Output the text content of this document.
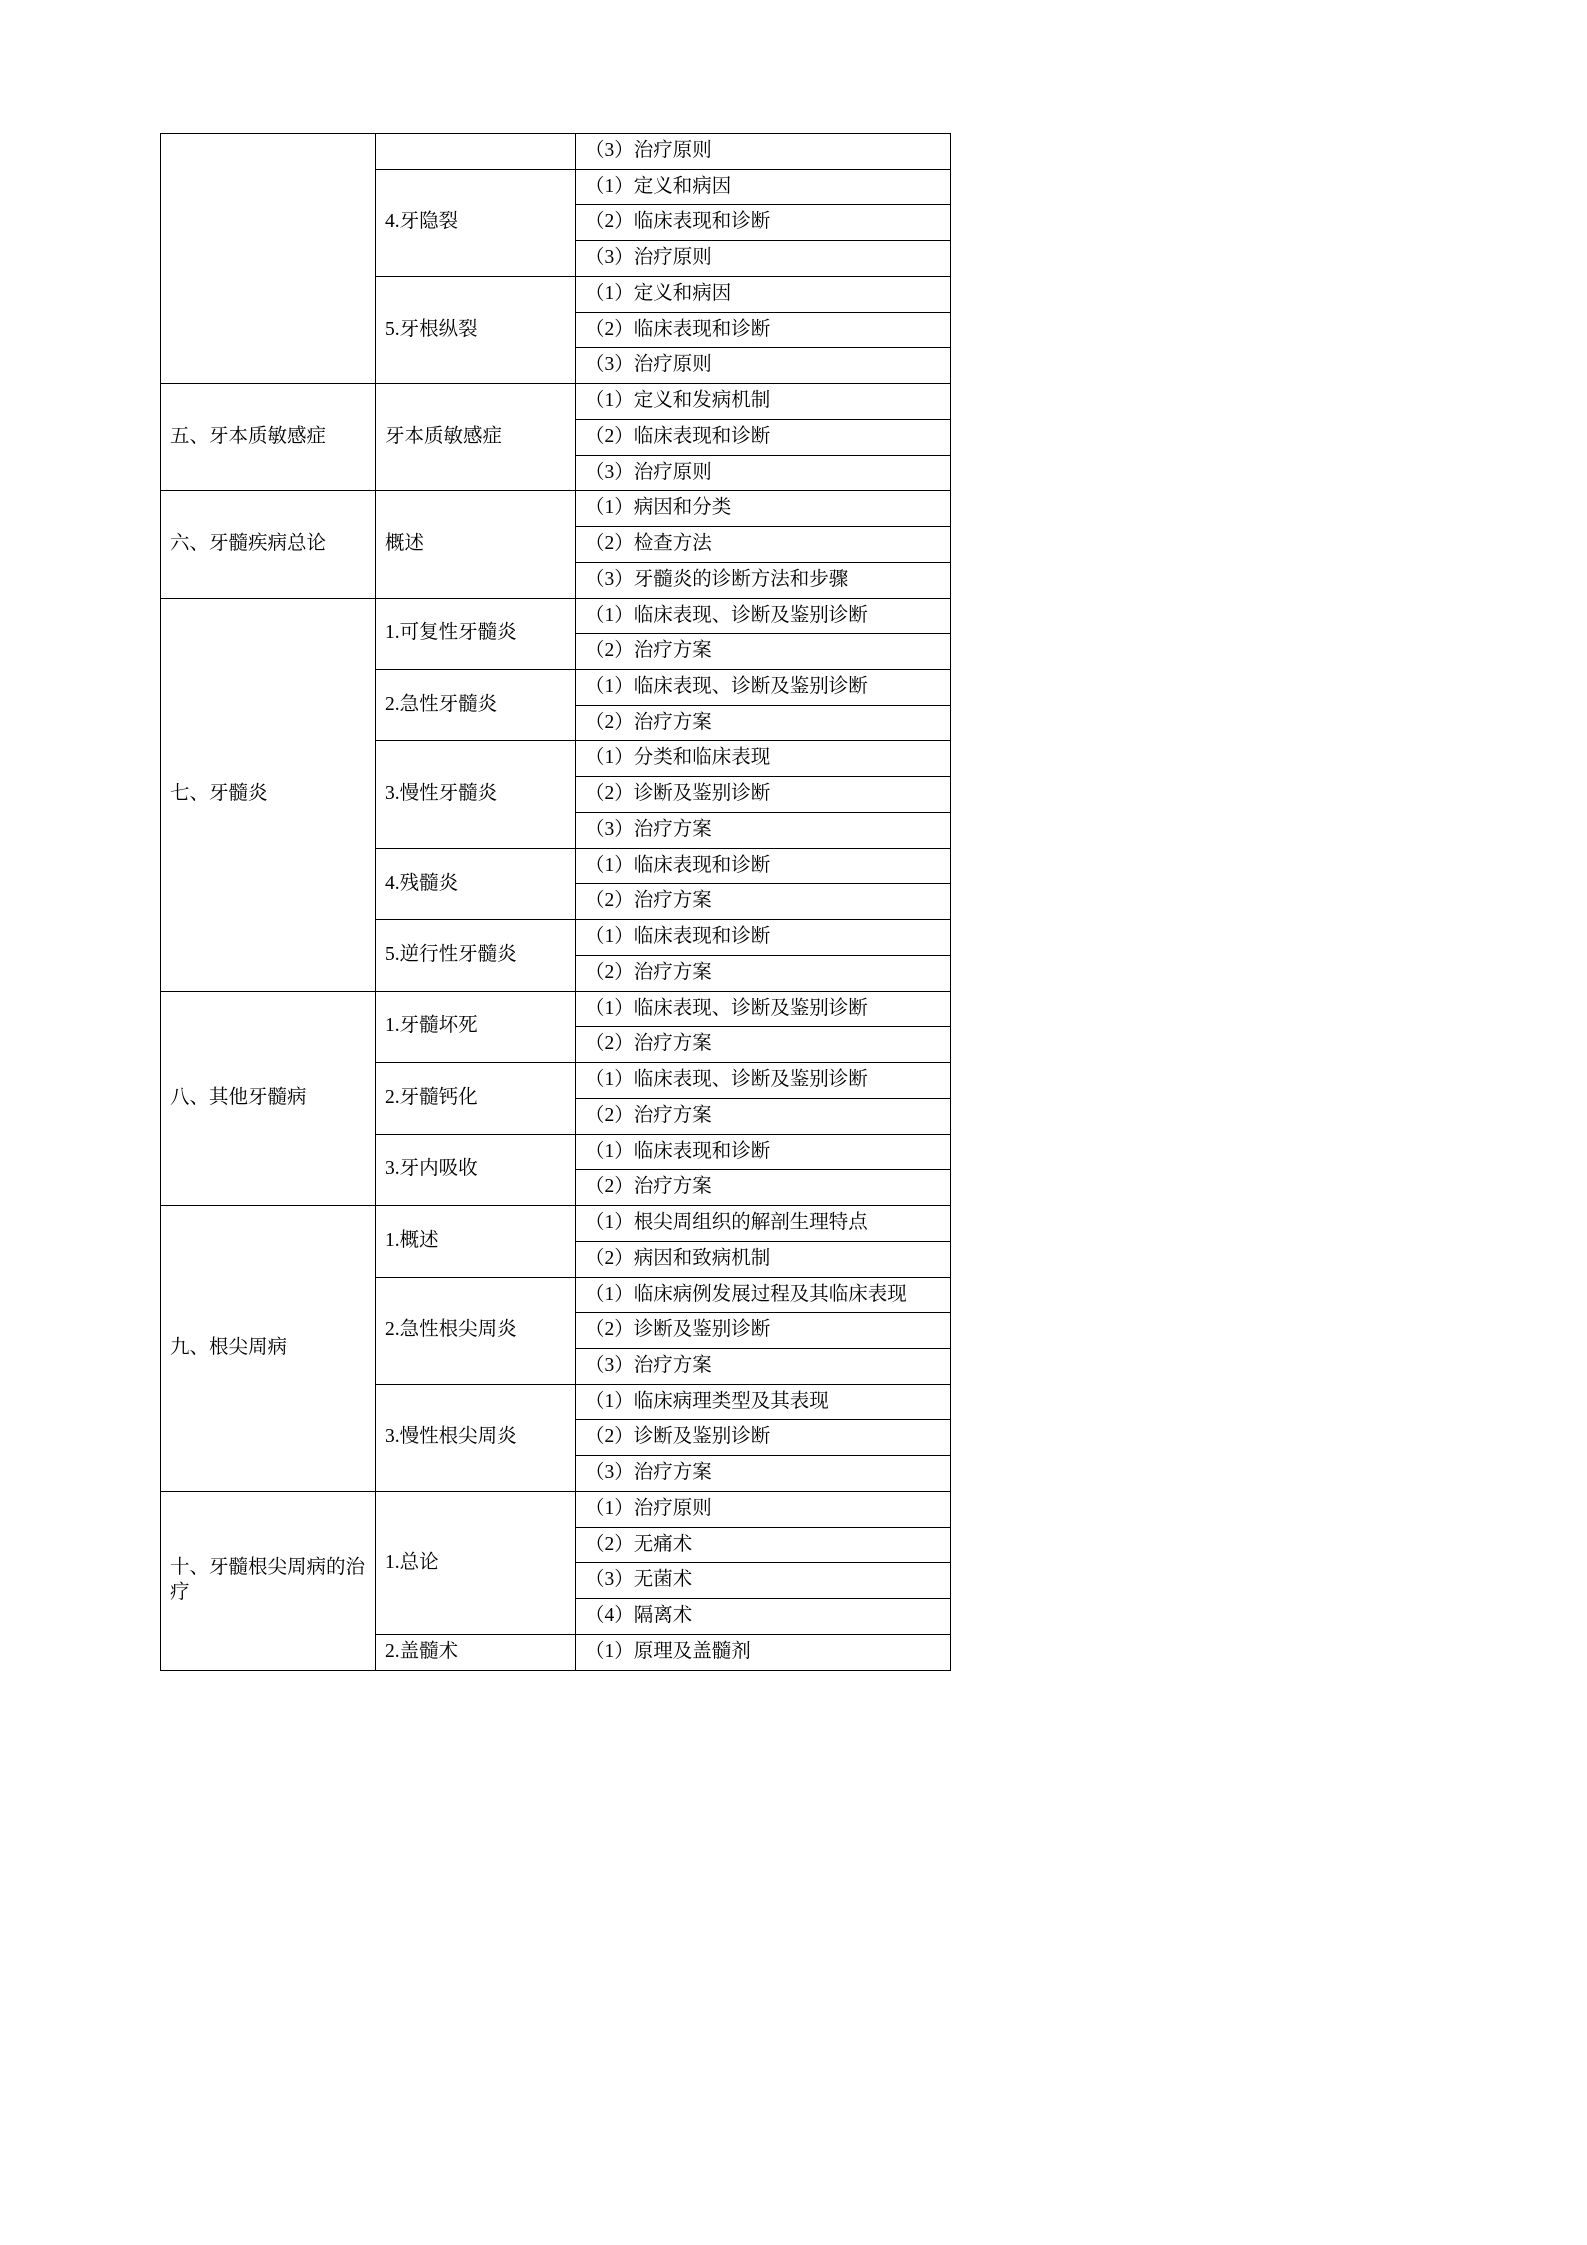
		（3）治疗原则
	4.牙隐裂	（1）定义和病因
		（2）临床表现和诊断
		（3）治疗原则
	5.牙根纵裂	（1）定义和病因
		（2）临床表现和诊断
		（3）治疗原则
五、牙本质敏感症	牙本质敏感症	（1）定义和发病机制
		（2）临床表现和诊断
		（3）治疗原则
六、牙髓疾病总论	概述	（1）病因和分类
		（2）检查方法
		（3）牙髓炎的诊断方法和步骤
七、牙髓炎	1.可复性牙髓炎	（1）临床表现、诊断及鉴别诊断
		（2）治疗方案
	2.急性牙髓炎	（1）临床表现、诊断及鉴别诊断
		（2）治疗方案
	3.慢性牙髓炎	（1）分类和临床表现
		（2）诊断及鉴别诊断
		（3）治疗方案
	4.残髓炎	（1）临床表现和诊断
		（2）治疗方案
	5.逆行性牙髓炎	（1）临床表现和诊断
		（2）治疗方案
八、其他牙髓病	1.牙髓坏死	（1）临床表现、诊断及鉴别诊断
		（2）治疗方案
	2.牙髓钙化	（1）临床表现、诊断及鉴别诊断
		（2）治疗方案
	3.牙内吸收	（1）临床表现和诊断
		（2）治疗方案
九、根尖周病	1.概述	（1）根尖周组织的解剖生理特点
		（2）病因和致病机制
	2.急性根尖周炎	（1）临床病例发展过程及其临床表现
		（2）诊断及鉴别诊断
		（3）治疗方案
	3.慢性根尖周炎	（1）临床病理类型及其表现
		（2）诊断及鉴别诊断
		（3）治疗方案
十、牙髓根尖周病的治疗	1.总论	（1）治疗原则
		（2）无痛术
		（3）无菌术
		（4）隔离术
	2.盖髓术	（1）原理及盖髓剂
